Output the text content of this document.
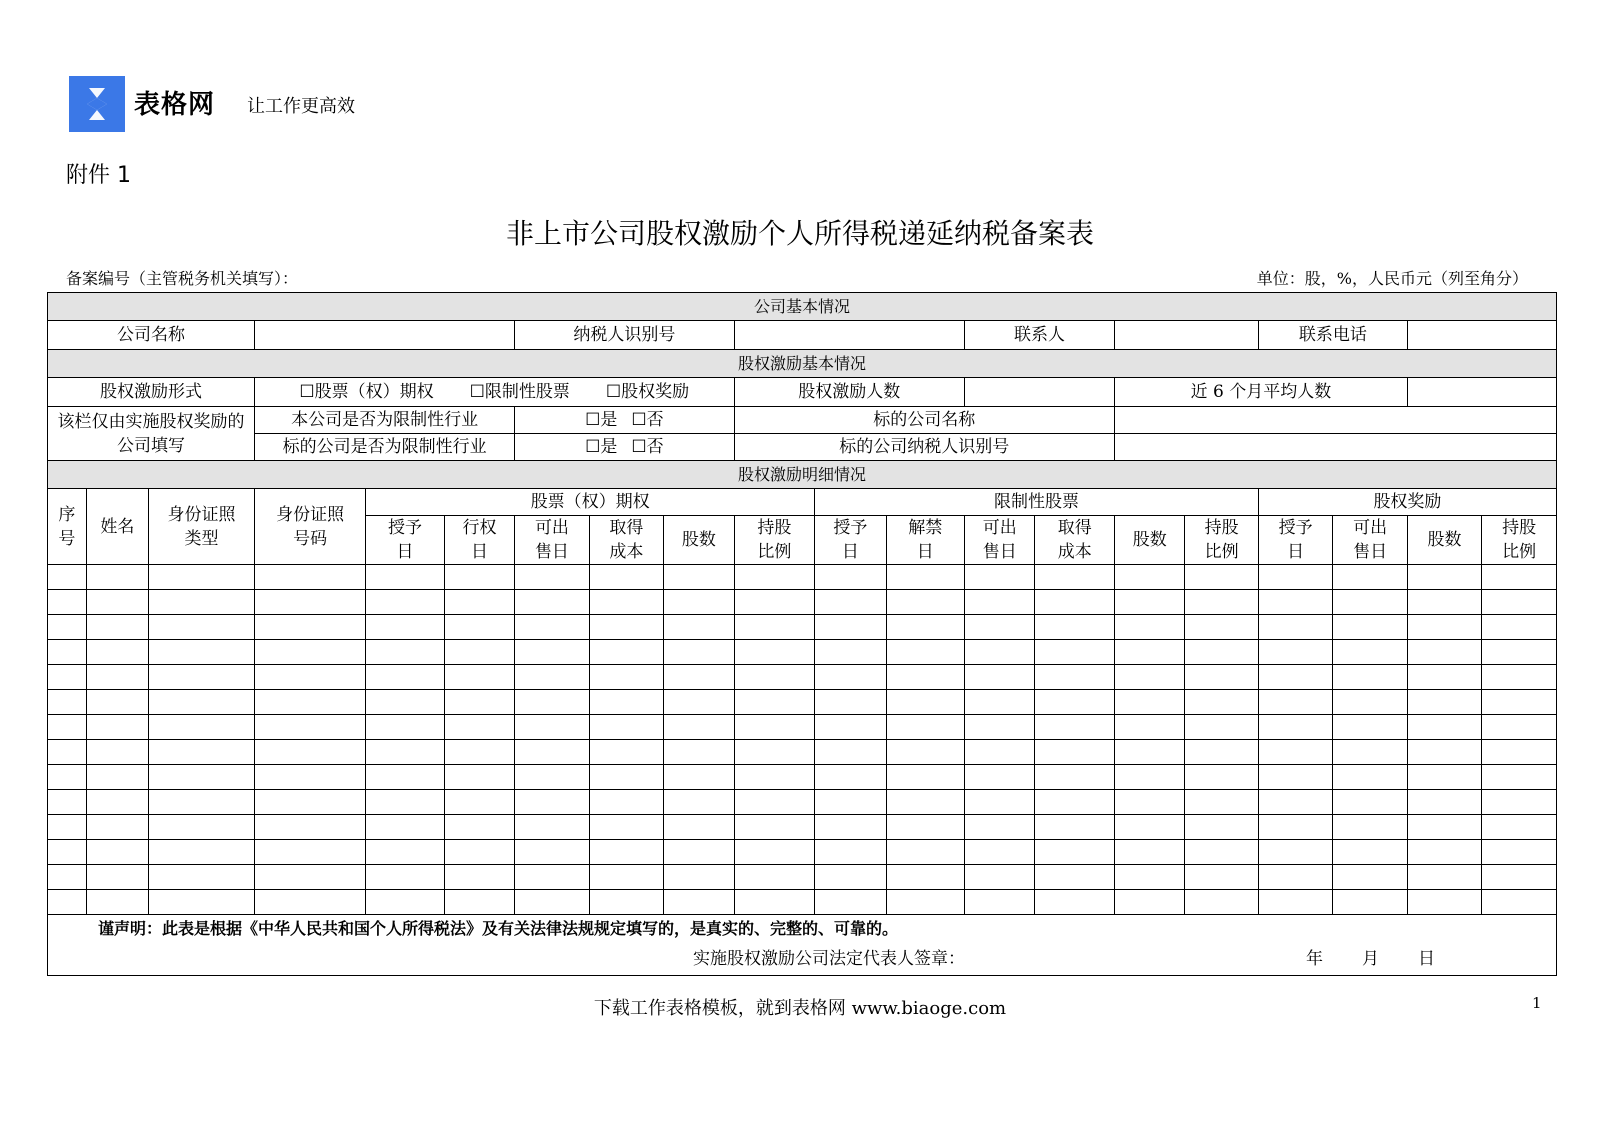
表格网 让工作更高效
附件 1
非上市公司股权激励个人所得税递延纳税备案表
备案编号（主管税务机关填写）：	单位：股，%，人民币元（列至角分）
公司基本情况																			
公司名称						纳税人识别号						联系人				联系电话			
股权激励基本情况																			
股权激励形式			☐股票（权）期权 ☐限制性股票 ☐股权奖励						股权激励人数					近 6 个月平均人数					
该栏仅由实施股权奖励的公司填写			本公司是否为限制性行业			☐是 ☐否			标的公司名称										
			标的公司是否为限制性行业			☐是 ☐否			标的公司纳税人识别号										
股权激励明细情况																			
序号	姓名	身份证照类型	身份证照号码	股票（权）期权						限制性股票						股权奖励			
				授予日	行权日	可出售日	取得成本	股数	持股比例	授予日	解禁日	可出售日	取得成本	股数	持股比例	授予日	可出售日	股数	持股比例

谨声明：此表是根据《中华人民共和国个人所得税法》及有关法律法规规定填写的，是真实的、完整的、可靠的。
实施股权激励公司法定代表人签章： 年 月 日																			
下载工作表格模板，就到表格网 www.biaoge.com	1
